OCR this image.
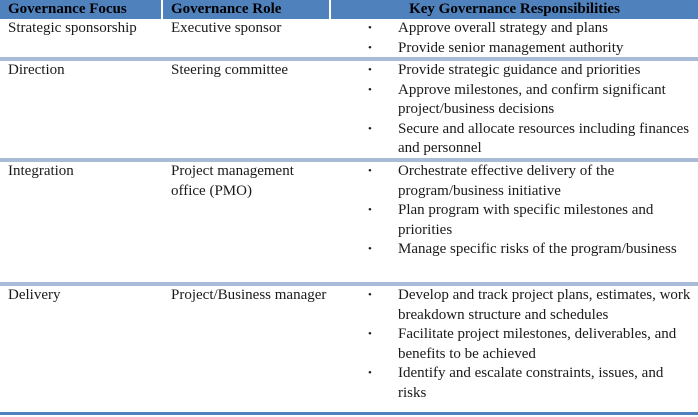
Governance Focus	Governance Role	Key Governance Responsibilities
Strategic sponsorship	Executive sponsor	• Approve overall strategy and plans
• Provide senior management authority
Direction	Steering committee	• Provide strategic guidance and priorities
• Approve milestones, and confirm significant project/business decisions
• Secure and allocate resources including finances and personnel
Integration	Project management office (PMO)
• Orchestrate effective delivery of the program/business initiative
• Plan program with specific milestones and priorities
• Manage specific risks of the program/business
Delivery	Project/Business manager	• Develop and track project plans, estimates, work breakdown structure and schedules
• Facilitate project milestones, deliverables, and benefits to be achieved
• Identify and escalate constraints, issues, and risks
